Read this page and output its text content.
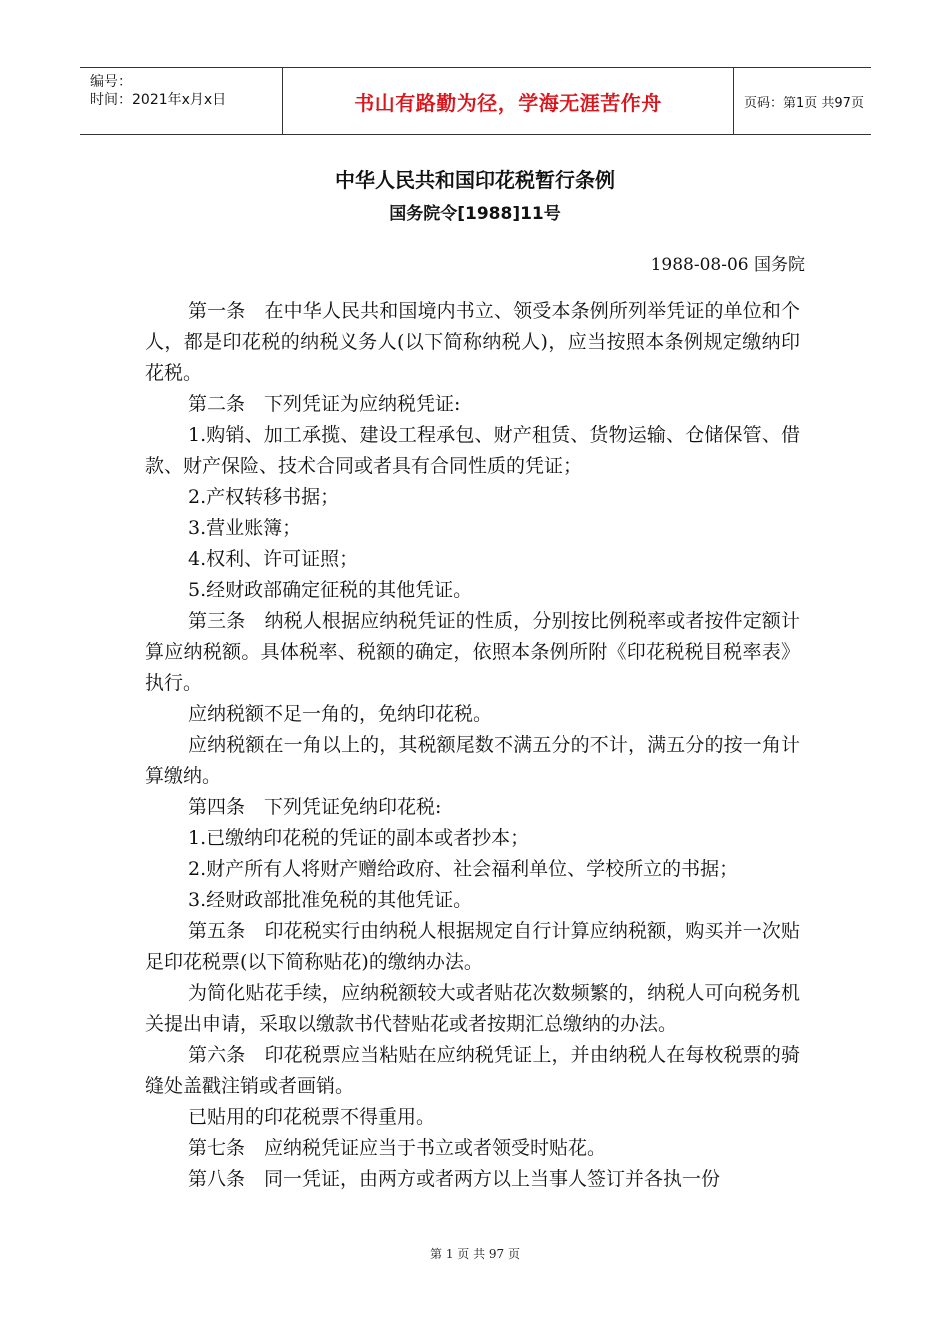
编号：
时间：2021年x月x日	书山有路勤为径，学海无涯苦作舟	页码：第1页 共97页
中华人民共和国印花税暂行条例
国务院令[1988]11号
1988-08-06 国务院

第一条　在中华人民共和国境内书立、领受本条例所列举凭证的单位和个人，都是印花税的纳税义务人(以下简称纳税人)，应当按照本条例规定缴纳印花税。

第二条　下列凭证为应纳税凭证:

1.购销、加工承揽、建设工程承包、财产租赁、货物运输、仓储保管、借款、财产保险、技术合同或者具有合同性质的凭证；

2.产权转移书据；

3.营业账簿；

4.权利、许可证照；

5.经财政部确定征税的其他凭证。

第三条　纳税人根据应纳税凭证的性质，分别按比例税率或者按件定额计算应纳税额。具体税率、税额的确定，依照本条例所附《印花税税目税率表》执行。

应纳税额不足一角的，免纳印花税。

应纳税额在一角以上的，其税额尾数不满五分的不计，满五分的按一角计算缴纳。

第四条　下列凭证免纳印花税:

1.已缴纳印花税的凭证的副本或者抄本；

2.财产所有人将财产赠给政府、社会福利单位、学校所立的书据；

3.经财政部批准免税的其他凭证。

第五条　印花税实行由纳税人根据规定自行计算应纳税额，购买并一次贴足印花税票(以下简称贴花)的缴纳办法。

为简化贴花手续，应纳税额较大或者贴花次数频繁的，纳税人可向税务机关提出申请，采取以缴款书代替贴花或者按期汇总缴纳的办法。

第六条　印花税票应当粘贴在应纳税凭证上，并由纳税人在每枚税票的骑缝处盖戳注销或者画销。

已贴用的印花税票不得重用。

第七条　应纳税凭证应当于书立或者领受时贴花。

第八条　同一凭证，由两方或者两方以上当事人签订并各执一份

第 1 页 共 97 页
